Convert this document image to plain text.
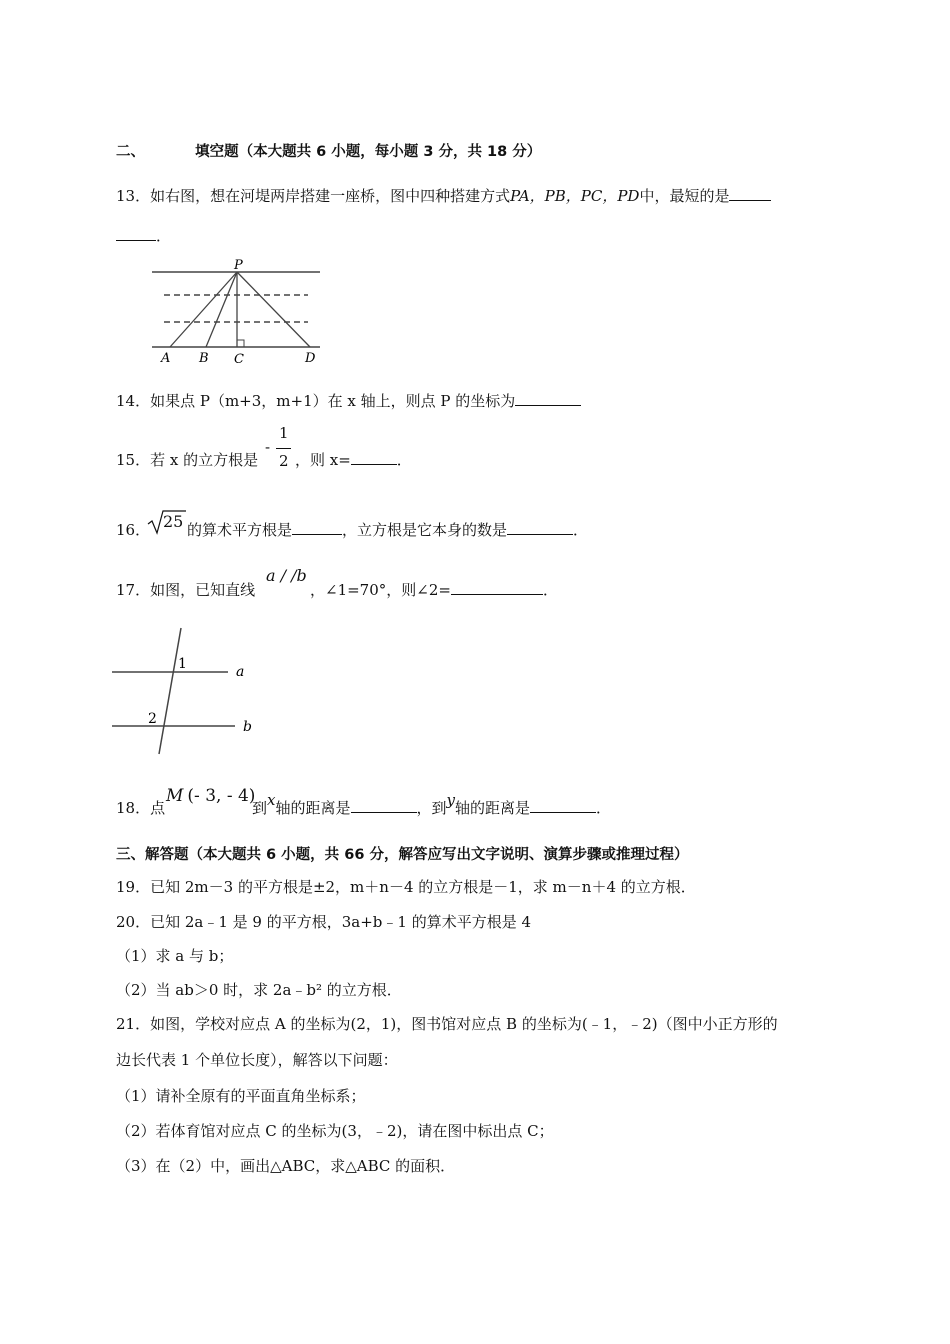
二、	填空题（本大题共 6 小题，每小题 3 分，共 18 分）
13．如右图，想在河堤两岸搭建一座桥，图中四种搭建方式PA，PB，PC，PD中，最短的是
．
P
A B C	D
14．如果点 P（m+3，m+1）在 x 轴上，则点 P 的坐标为
15．若 x 的立方根是
-
1
2 ，则 x=	．
16． 25 的算术平方根是	，立方根是它本身的数是	．
17．如图，已知直线
a / /b
，∠1=70°，则∠2=	．
1
2
a
b
18．点
M (- 3, - 4)
到x轴的距离是	，到y轴的距离是	．
三、解答题（本大题共 6 小题，共 66 分，解答应写出文字说明、演算步骤或推理过程）
19．已知 2m－3 的平方根是±2，m＋n－4 的立方根是－1，求 m－n＋4 的立方根．
20．已知 2a﹣1 是 9 的平方根，3a+b﹣1 的算术平方根是 4
（1）求 a 与 b；
（2）当 ab＞0 时，求 2a﹣b² 的立方根．
21．如图，学校对应点 A 的坐标为(2，1)，图书馆对应点 B 的坐标为(﹣1，﹣2)（图中小正方形的
边长代表 1 个单位长度），解答以下问题：
（1）请补全原有的平面直角坐标系；
（2）若体育馆对应点 C 的坐标为(3，﹣2)，请在图中标出点 C；
（3）在（2）中，画出△ABC，求△ABC 的面积．
